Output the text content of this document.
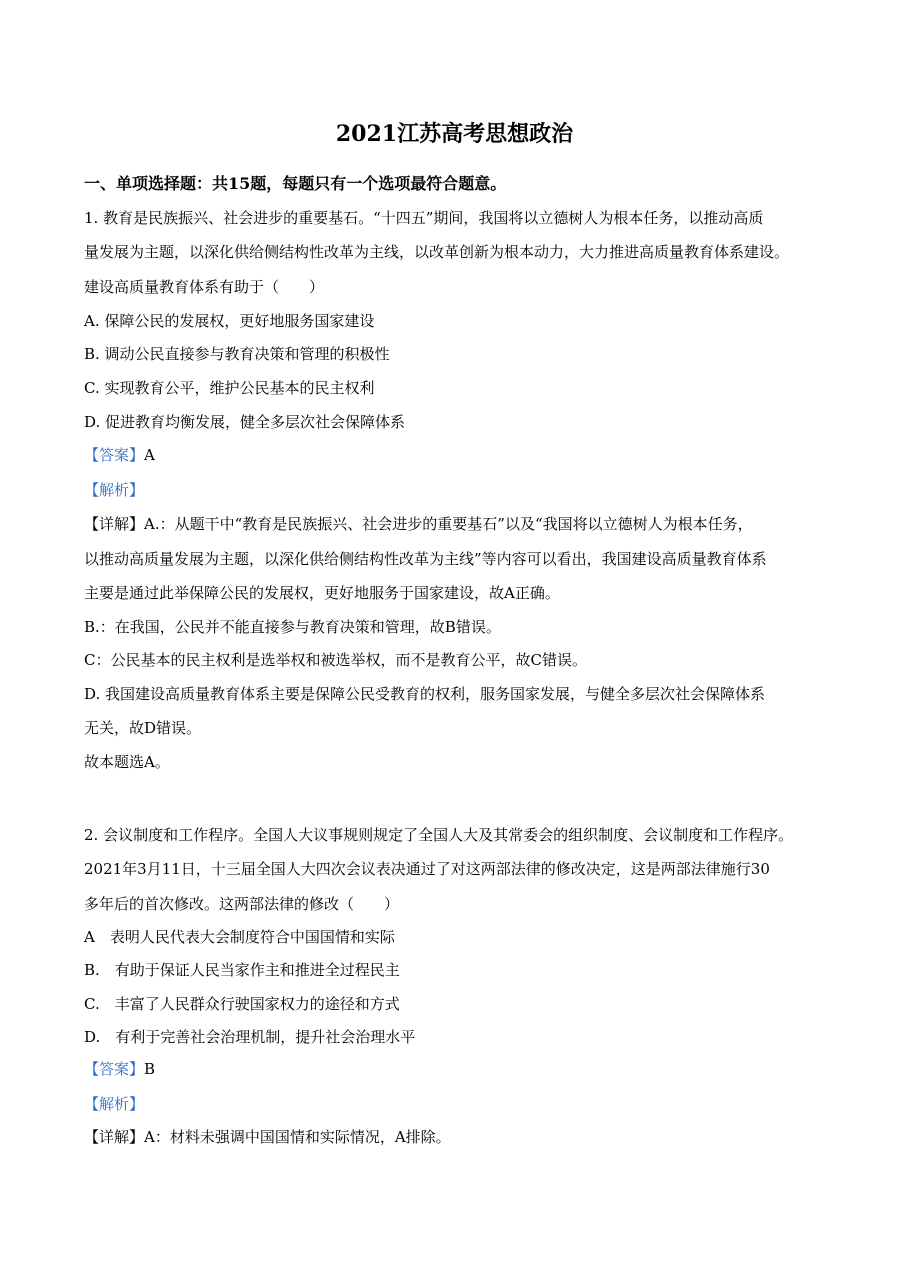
2021江苏高考思想政治
一、单项选择题：共15题，每题只有一个选项最符合题意。
1. 教育是民族振兴、社会进步的重要基石。“十四五”期间，我国将以立德树人为根本任务，以推动高质
量发展为主题，以深化供给侧结构性改革为主线，以改革创新为根本动力，大力推进高质量教育体系建设。
建设高质量教育体系有助于（　　）
A. 保障公民的发展权，更好地服务国家建设
B. 调动公民直接参与教育决策和管理的积极性
C. 实现教育公平，维护公民基本的民主权利
D. 促进教育均衡发展，健全多层次社会保障体系
【答案】A
【解析】
【详解】A.：从题干中“教育是民族振兴、社会进步的重要基石”以及“我国将以立德树人为根本任务，
以推动高质量发展为主题，以深化供给侧结构性改革为主线”等内容可以看出，我国建设高质量教育体系
主要是通过此举保障公民的发展权，更好地服务于国家建设，故A正确。
B.：在我国，公民并不能直接参与教育决策和管理，故B错误。
C：公民基本的民主权利是选举权和被选举权，而不是教育公平，故C错误。
D. 我国建设高质量教育体系主要是保障公民受教育的权利，服务国家发展，与健全多层次社会保障体系
无关，故D错误。
故本题选A。
2. 会议制度和工作程序。全国人大议事规则规定了全国人大及其常委会的组织制度、会议制度和工作程序。
2021年3月11日，十三届全国人大四次会议表决通过了对这两部法律的修改决定，这是两部法律施行30
多年后的首次修改。这两部法律的修改（　　）
A　表明人民代表大会制度符合中国国情和实际
B.　有助于保证人民当家作主和推进全过程民主
C.　丰富了人民群众行驶国家权力的途径和方式
D.　有利于完善社会治理机制，提升社会治理水平
【答案】B
【解析】
【详解】A：材料未强调中国国情和实际情况，A排除。
